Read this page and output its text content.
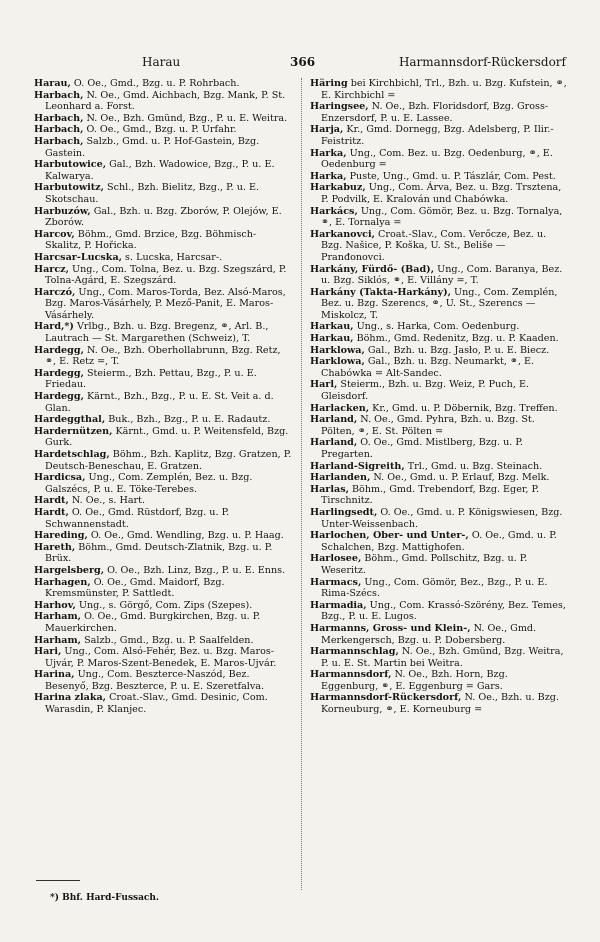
Harau	366	Harmannsdorf-Rückersdorf

Harau, O. Oe., Gmd., Bzg. u. P. Rohrbach.

Harbach, N. Oe., Gmd. Aichbach, Bzg. Mank, P. St. Leonhard a. Forst.

Harbach, N. Oe., Bzh. Gmünd, Bzg., P. u. E. Weitra.

Harbach, O. Oe., Gmd., Bzg. u. P. Urfahr.

Harbach, Salzb., Gmd. u. P. Hof-Gastein, Bzg. Gastein.

Harbutowice, Gal., Bzh. Wadowice, Bzg., P. u. E. Kalwarya.

Harbutowitz, Schl., Bzh. Bielitz, Bzg., P. u. E. Skotschau.

Harbuzów, Gal., Bzh. u. Bzg. Zborów, P. Olejów, E. Zborów.

Harcov, Böhm., Gmd. Brzice, Bzg. Böhmisch-Skalitz, P. Hořicka.

Harcsar-Lucska, s. Lucska, Harcsar-.

Harcz, Ung., Com. Tolna, Bez. u. Bzg. Szegszárd, P. Tolna-Agárd, E. Szegszárd.

Harczó, Ung., Com. Maros-Torda, Bez. Alsó-Maros, Bzg. Maros-Vásárhely, P. Mező-Panit, E. Maros-Vásárhely.

Hard,*) Vrlbg., Bzh. u. Bzg. Bregenz, ⚭, Arl. B., Lautrach — St. Margarethen (Schweiz), T.

Hardegg, N. Oe., Bzh. Oberhollabrunn, Bzg. Retz, ⚭, E. Retz =, T.

Hardegg, Steierm., Bzh. Pettau, Bzg., P. u. E. Friedau.

Hardegg, Kärnt., Bzh., Bzg., P. u. E. St. Veit a. d. Glan.

Hardeggthal, Buk., Bzh., Bzg., P. u. E. Radautz.

Hardernützen, Kärnt., Gmd. u. P. Weitensfeld, Bzg. Gurk.

Hardetschlag, Böhm., Bzh. Kaplitz, Bzg. Gratzen, P. Deutsch-Beneschau, E. Gratzen.

Hardicsa, Ung., Com. Zemplén, Bez. u. Bzg. Galszécs, P. u. E. Töke-Terebes.

Hardt, N. Oe., s. Hart.

Hardt, O. Oe., Gmd. Rüstdorf, Bzg. u. P. Schwannenstadt.

Hareding, O. Oe., Gmd. Wendling, Bzg. u. P. Haag.

Hareth, Böhm., Gmd. Deutsch-Zlatnik, Bzg. u. P. Brüx.

Hargelsberg, O. Oe., Bzh. Linz, Bzg., P. u. E. Enns.

Harhagen, O. Oe., Gmd. Maidorf, Bzg. Kremsmünster, P. Sattledt.

Harhov, Ung., s. Görgő, Com. Zips (Szepes).

Harham, O. Oe., Gmd. Burgkirchen, Bzg. u. P. Mauerkirchen.

Harham, Salzb., Gmd., Bzg. u. P. Saalfelden.

Hari, Ung., Com. Alsó-Fehér, Bez. u. Bzg. Maros-Ujvár, P. Maros-Szent-Benedek, E. Maros-Ujvár.

Harina, Ung., Com. Beszterce-Naszód, Bez. Besenyő, Bzg. Beszterce, P. u. E. Szeretfalva.

Harina zlaka, Croat.-Slav., Gmd. Desinic, Com. Warasdin, P. Klanjec.

Häring bei Kirchbichl, Trl., Bzh. u. Bzg. Kufstein, ⚭, E. Kirchbichl =

Haringsee, N. Oe., Bzh. Floridsdorf, Bzg. Gross-Enzersdorf, P. u. E. Lassee.

Harja, Kr., Gmd. Dornegg, Bzg. Adelsberg, P. Ilir.-Feistritz.

Harka, Ung., Com. Bez. u. Bzg. Oedenburg, ⚭, E. Oedenburg =

Harka, Puste, Ung., Gmd. u. P. Tászlár, Com. Pest.

Harkabuz, Ung., Com. Árva, Bez. u. Bzg. Trsztena, P. Podvilk, E. Kralován und Chabówka.

Harkács, Ung., Com. Gömör, Bez. u. Bzg. Tornalya, ⚭, E. Tornalya =

Harkanovci, Croat.-Slav., Com. Verőcze, Bez. u. Bzg. Našice, P. Koška, U. St., Beliše — Pranđonovci.

Harkány, Fürdő- (Bad), Ung., Com. Baranya, Bez. u. Bzg. Siklós, ⚭, E. Villány =, T.

Harkány (Takta-Harkány), Ung., Com. Zemplén, Bez. u. Bzg. Szerencs, ⚭, U. St., Szerencs — Miskolcz, T.

Harkau, Ung., s. Harka, Com. Oedenburg.

Harkau, Böhm., Gmd. Redenitz, Bzg. u. P. Kaaden.

Harklowa, Gal., Bzh. u. Bzg. Jasło, P. u. E. Biecz.

Harklowa, Gal., Bzh. u. Bzg. Neumarkt, ⚭, E. Chabówka = Alt-Sandec.

Harl, Steierm., Bzh. u. Bzg. Weiz, P. Puch, E. Gleisdorf.

Harlacken, Kr., Gmd. u. P. Döbernik, Bzg. Treffen.

Harland, N. Oe., Gmd. Pyhra, Bzh. u. Bzg. St. Pölten, ⚭, E. St. Pölten =

Harland, O. Oe., Gmd. Mistlberg, Bzg. u. P. Pregarten.

Harland-Sigreith, Trl., Gmd. u. Bzg. Steinach.

Harlanden, N. Oe., Gmd. u. P. Erlauf, Bzg. Melk.

Harlas, Böhm., Gmd. Trebendorf, Bzg. Eger, P. Tirschnitz.

Harlingsedt, O. Oe., Gmd. u. P. Königswiesen, Bzg. Unter-Weissenbach.

Harlochen, Ober- und Unter-, O. Oe., Gmd. u. P. Schalchen, Bzg. Mattighofen.

Harlosee, Böhm., Gmd. Pollschitz, Bzg. u. P. Weseritz.

Harmacs, Ung., Com. Gömör, Bez., Bzg., P. u. E. Rima-Szécs.

Harmadia, Ung., Com. Krassó-Szörény, Bez. Temes, Bzg., P. u. E. Lugos.

Harmanns, Gross- und Klein-, N. Oe., Gmd. Merkengersch, Bzg. u. P. Dobersberg.

Harmannschlag, N. Oe., Bzh. Gmünd, Bzg. Weitra, P. u. E. St. Martin bei Weitra.

Harmannsdorf, N. Oe., Bzh. Horn, Bzg. Eggenburg, ⚭, E. Eggenburg = Gars.

Harmannsdorf-Rückersdorf, N. Oe., Bzh. u. Bzg. Korneuburg, ⚭, E. Korneuburg =

*) Bhf. Hard-Fussach.
